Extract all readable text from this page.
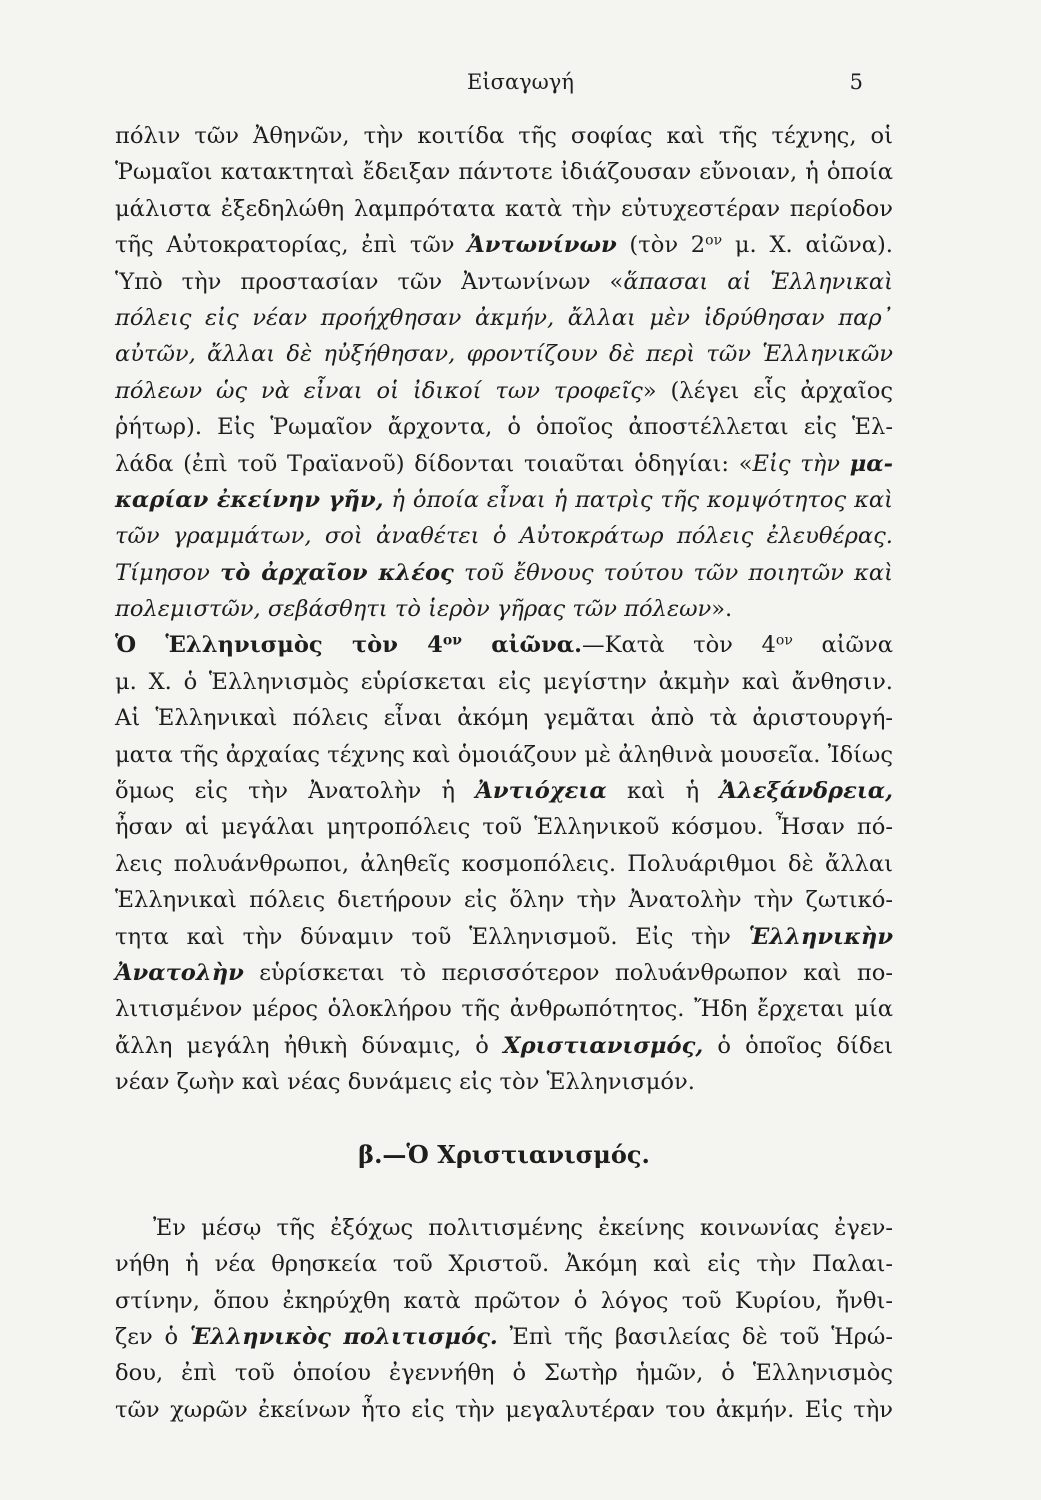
Εἰσαγωγή	5
πόλιν τῶν Ἀθηνῶν, τὴν κοιτίδα τῆς σοφίας καὶ τῆς τέχνης, οἱ
Ῥωμαῖοι κατακτηταὶ ἔδειξαν πάντοτε ἰδιάζουσαν εὔνοιαν, ἡ ὁποία
μάλιστα ἐξεδηλώθη λαμπρότατα κατὰ τὴν εὐτυχεστέραν περίοδον
τῆς Αὐτοκρατορίας, ἐπὶ τῶν Ἀντωνίνων (τὸν $2^{o\nu}$ μ. Χ. αἰῶνα).
Ὑπὸ τὴν προστασίαν τῶν Ἀντωνίνων «ἅπασαι αἱ Ἑλληνικαὶ
πόλεις εἰς νέαν προήχθησαν ἀκμήν, ἄλλαι μὲν ἱδρύθησαν παρ᾽
αὐτῶν, ἄλλαι δὲ ηὐξήθησαν, φροντίζουν δὲ περὶ τῶν Ἑλληνικῶν
πόλεων ὡς νὰ εἶναι οἱ ἰδικοί των τροφεῖς» (λέγει εἷς ἀρχαῖος
ῥήτωρ). Εἰς Ῥωμαῖον ἄρχοντα, ὁ ὁποῖος ἀποστέλλεται εἰς Ἑλ-
λάδα (ἐπὶ τοῦ Τραϊανοῦ) δίδονται τοιαῦται ὁδηγίαι: «Εἰς τὴν μα-
καρίαν ἐκείνην γῆν, ἡ ὁποία εἶναι ἡ πατρὶς τῆς κομψότητος καὶ
τῶν γραμμάτων, σοὶ ἀναθέτει ὁ Αὐτοκράτωρ πόλεις ἐλευθέρας.
Τίμησον τὸ ἀρχαῖον κλέος τοῦ ἔθνους τούτου τῶν ποιητῶν καὶ
πολεμιστῶν, σεβάσθητι τὸ ἱερὸν γῆρας τῶν πόλεων».
Ὁ Ἑλληνισμὸς τὸν $4^{o\nu}$ αἰῶνα.—Κατὰ τὸν $4^{o\nu}$ αἰῶνα
μ. Χ. ὁ Ἑλληνισμὸς εὑρίσκεται εἰς μεγίστην ἀκμὴν καὶ ἄνθησιν.
Αἱ Ἑλληνικαὶ πόλεις εἶναι ἀκόμη γεμᾶται ἀπὸ τὰ ἀριστουργή-
ματα τῆς ἀρχαίας τέχνης καὶ ὁμοιάζουν μὲ ἀληθινὰ μουσεῖα. Ἰδίως
ὅμως εἰς τὴν Ἀνατολὴν ἡ Ἀντιόχεια καὶ ἡ Ἀλεξάνδρεια,
ἦσαν αἱ μεγάλαι μητροπόλεις τοῦ Ἑλληνικοῦ κόσμου. Ἦσαν πό-
λεις πολυάνθρωποι, ἀληθεῖς κοσμοπόλεις. Πολυάριθμοι δὲ ἄλλαι
Ἑλληνικαὶ πόλεις διετήρουν εἰς ὅλην τὴν Ἀνατολὴν τὴν ζωτικό-
τητα καὶ τὴν δύναμιν τοῦ Ἑλληνισμοῦ. Εἰς τὴν Ἑλληνικὴν
Ἀνατολὴν εὑρίσκεται τὸ περισσότερον πολυάνθρωπον καὶ πο-
λιτισμένον μέρος ὁλοκλήρου τῆς ἀνθρωπότητος. Ἤδη ἔρχεται μία
ἄλλη μεγάλη ἠθικὴ δύναμις, ὁ Χριστιανισμός, ὁ ὁποῖος δίδει
νέαν ζωὴν καὶ νέας δυνάμεις εἰς τὸν Ἑλληνισμόν.
β.—Ὁ Χριστιανισμός.
Ἐν μέσῳ τῆς ἐξόχως πολιτισμένης ἐκείνης κοινωνίας ἐγεν-
νήθη ἡ νέα θρησκεία τοῦ Χριστοῦ. Ἀκόμη καὶ εἰς τὴν Παλαι-
στίνην, ὅπου ἐκηρύχθη κατὰ πρῶτον ὁ λόγος τοῦ Κυρίου, ἤνθι-
ζεν ὁ Ἑλληνικὸς πολιτισμός. Ἐπὶ τῆς βασιλείας δὲ τοῦ Ἡρώ-
δου, ἐπὶ τοῦ ὁποίου ἐγεννήθη ὁ Σωτὴρ ἡμῶν, ὁ Ἑλληνισμὸς
τῶν χωρῶν ἐκείνων ἦτο εἰς τὴν μεγαλυτέραν του ἀκμήν. Εἰς τὴν
